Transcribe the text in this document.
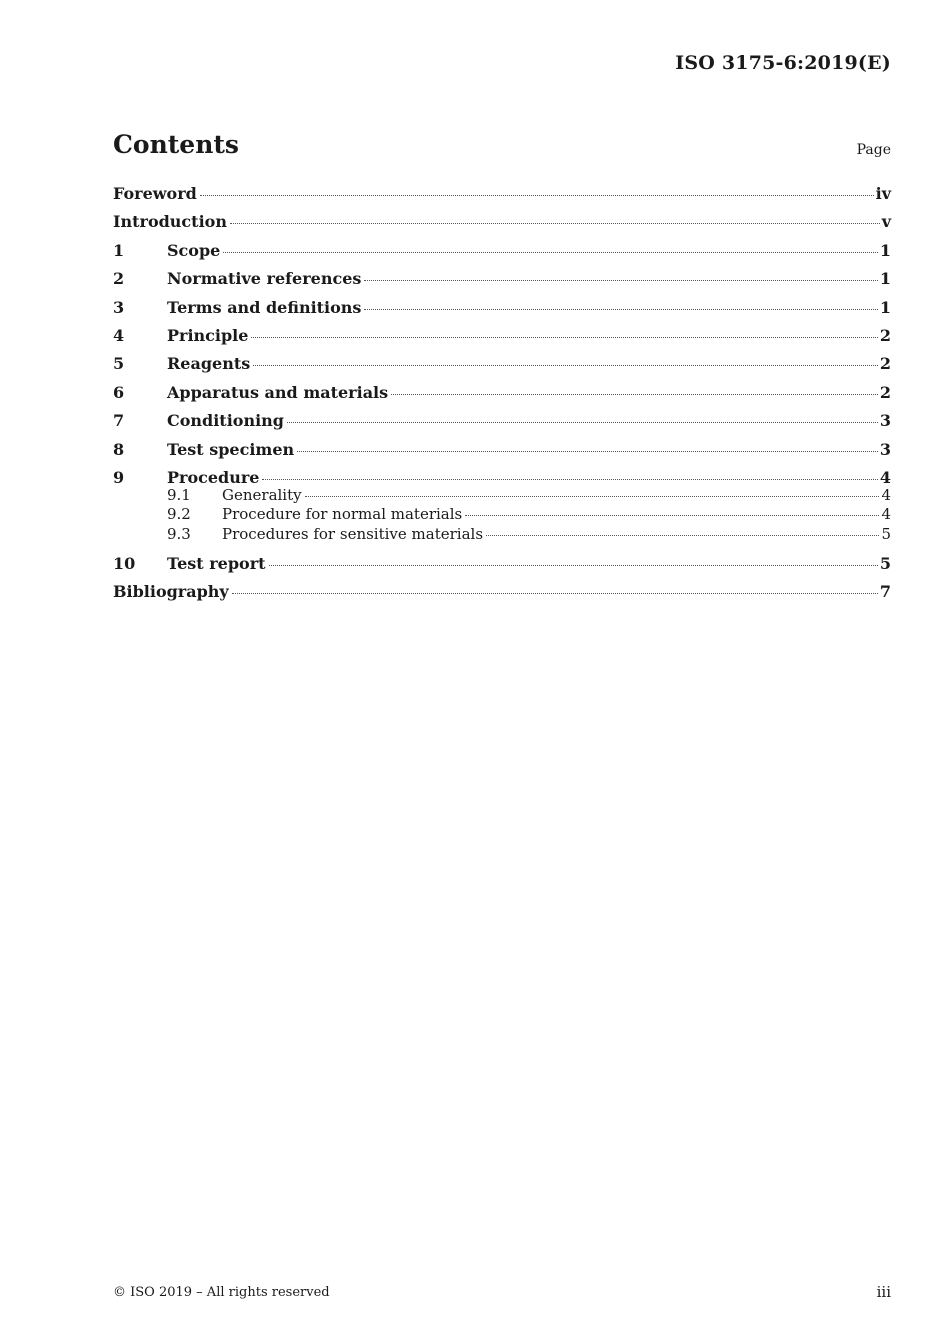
ISO 3175-6:2019(E)
Contents	Page
Foreword	iv
Introduction	v
1	Scope	1
2	Normative references	1
3	Terms and definitions	1
4	Principle	2
5	Reagents	2
6	Apparatus and materials	2
7	Conditioning	3
8	Test specimen	3
9	Procedure	4
9.1	Generality	4
9.2	Procedure for normal materials	4
9.3	Procedures for sensitive materials	5
10	Test report	5
Bibliography	7
© ISO 2019 – All rights reserved	iii
